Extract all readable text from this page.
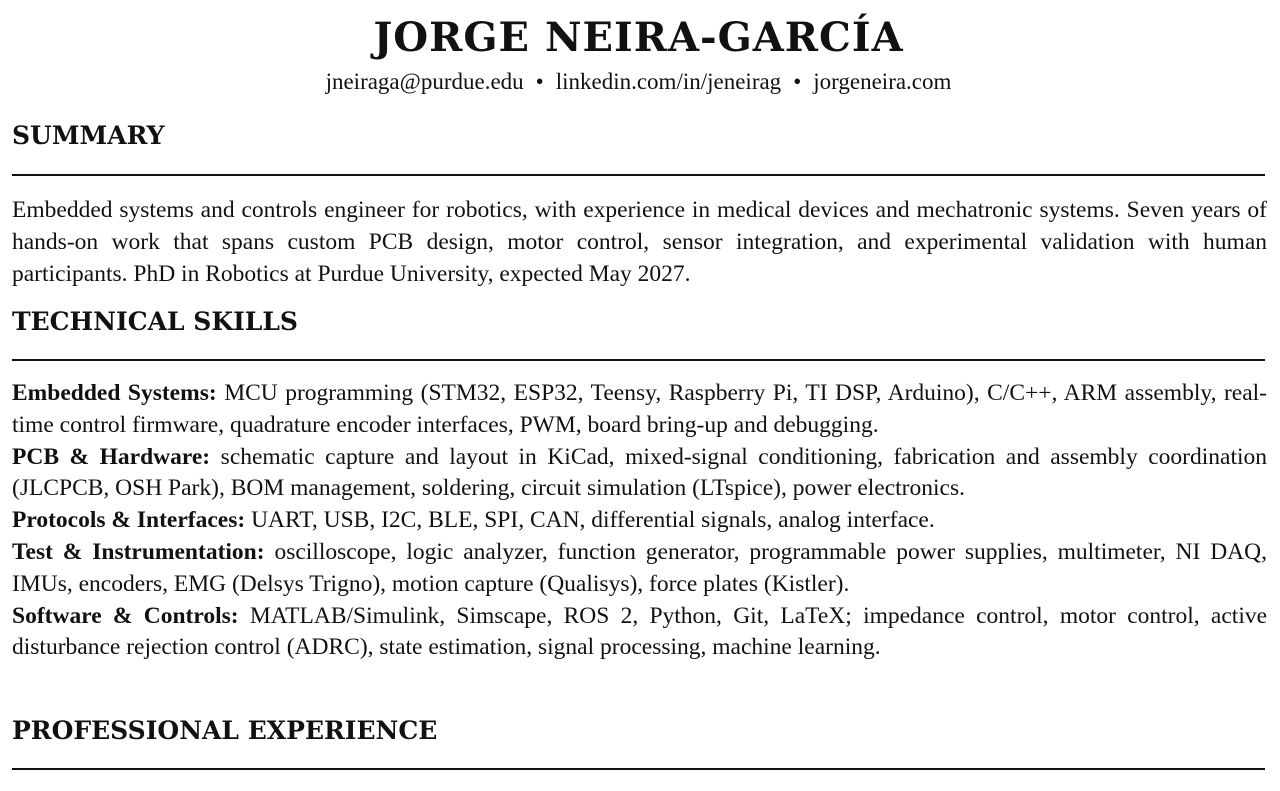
JORGE NEIRA-GARCÍA
jneiraga@purdue.edu • linkedin.com/in/jeneirag • jorgeneira.com
SUMMARY

Embedded systems and controls engineer for robotics, with experience in medical devices and mechatronic systems. Seven years of hands-on work that spans custom PCB design, motor control, sensor integration, and experimental validation with human participants. PhD in Robotics at Purdue University, expected May 2027.

TECHNICAL SKILLS

Embedded Systems: MCU programming (STM32, ESP32, Teensy, Raspberry Pi, TI DSP, Arduino), C/C++, ARM assembly, real-time control firmware, quadrature encoder interfaces, PWM, board bring-up and debugging.

PCB & Hardware: schematic capture and layout in KiCad, mixed-signal conditioning, fabrication and assembly coordination (JLCPCB, OSH Park), BOM management, soldering, circuit simulation (LTspice), power electronics.

Protocols & Interfaces: UART, USB, I2C, BLE, SPI, CAN, differential signals, analog interface.

Test & Instrumentation: oscilloscope, logic analyzer, function generator, programmable power supplies, multimeter, NI DAQ, IMUs, encoders, EMG (Delsys Trigno), motion capture (Qualisys), force plates (Kistler).

Software & Controls: MATLAB/Simulink, Simscape, ROS 2, Python, Git, LaTeX; impedance control, motor control, active disturbance rejection control (ADRC), state estimation, signal processing, machine learning.

PROFESSIONAL EXPERIENCE
